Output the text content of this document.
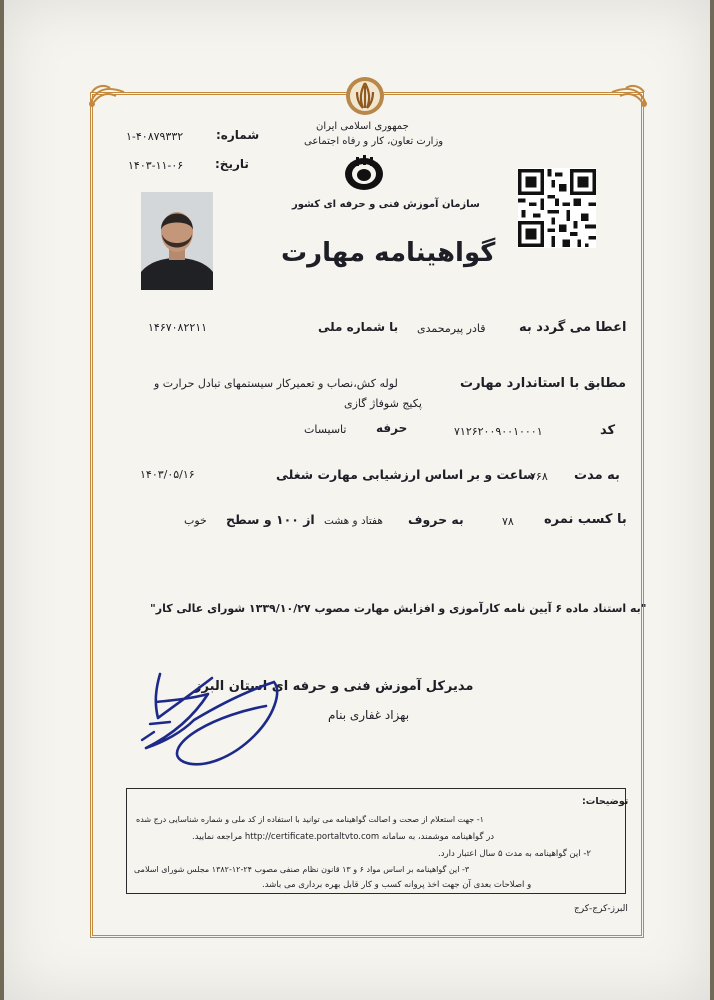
جمهوری اسلامی ایران
وزارت تعاون، کار و رفاه اجتماعی
سازمان آموزش فنی و حرفه ای کشور
شماره:
۱-۴۰۸۷۹۳۳۲
تاریخ:
۱۴۰۳-۱۱-۰۶
گواهینامه مهارت
اعطا می گردد به
قادر پیرمحمدی
با شماره ملی
۱۴۶۷۰۸۲۲۱۱
مطابق با استاندارد مهارت
لوله کش،نصاب و تعمیرکار سیستمهای تبادل حرارت و
پکیج شوفاژ گازی
کد
۷۱۲۶۲۰۰۹۰۰۱۰۰۰۱
حرفه
تاسیسات
به مدت
۲۶۸
ساعت و بر اساس ارزشیابی مهارت شغلی
۱۴۰۳/۰۵/۱۶
با کسب نمره
۷۸
به حروف
هفتاد و هشت
از ۱۰۰ و سطح
خوب
"به استناد ماده ۶ آیین نامه کارآموزی و افزایش مهارت مصوب ۱۳۳۹/۱۰/۲۷ شورای عالی کار"
مدیرکل آموزش فنی و حرفه ای استان البرز
بهزاد غفاری بنام
توضیحات:
۱- جهت استعلام از صحت و اصالت گواهینامه می توانید با استفاده از کد ملی و شماره شناسایی درج شده
در گواهینامه موشمند، به سامانه http://certificate.portaltvto.com مراجعه نمایید.
۲- این گواهینامه به مدت ۵ سال اعتبار دارد.
۳- این گواهینامه بر اساس مواد ۶ و ۱۳ قانون نظام صنفی مصوب ۲۴-۱۲-۱۳۸۲ مجلس شورای اسلامی
و اصلاحات بعدی آن جهت اخذ پروانه کسب و کار قابل بهره برداری می باشد.
البرز-کرج-کرج
